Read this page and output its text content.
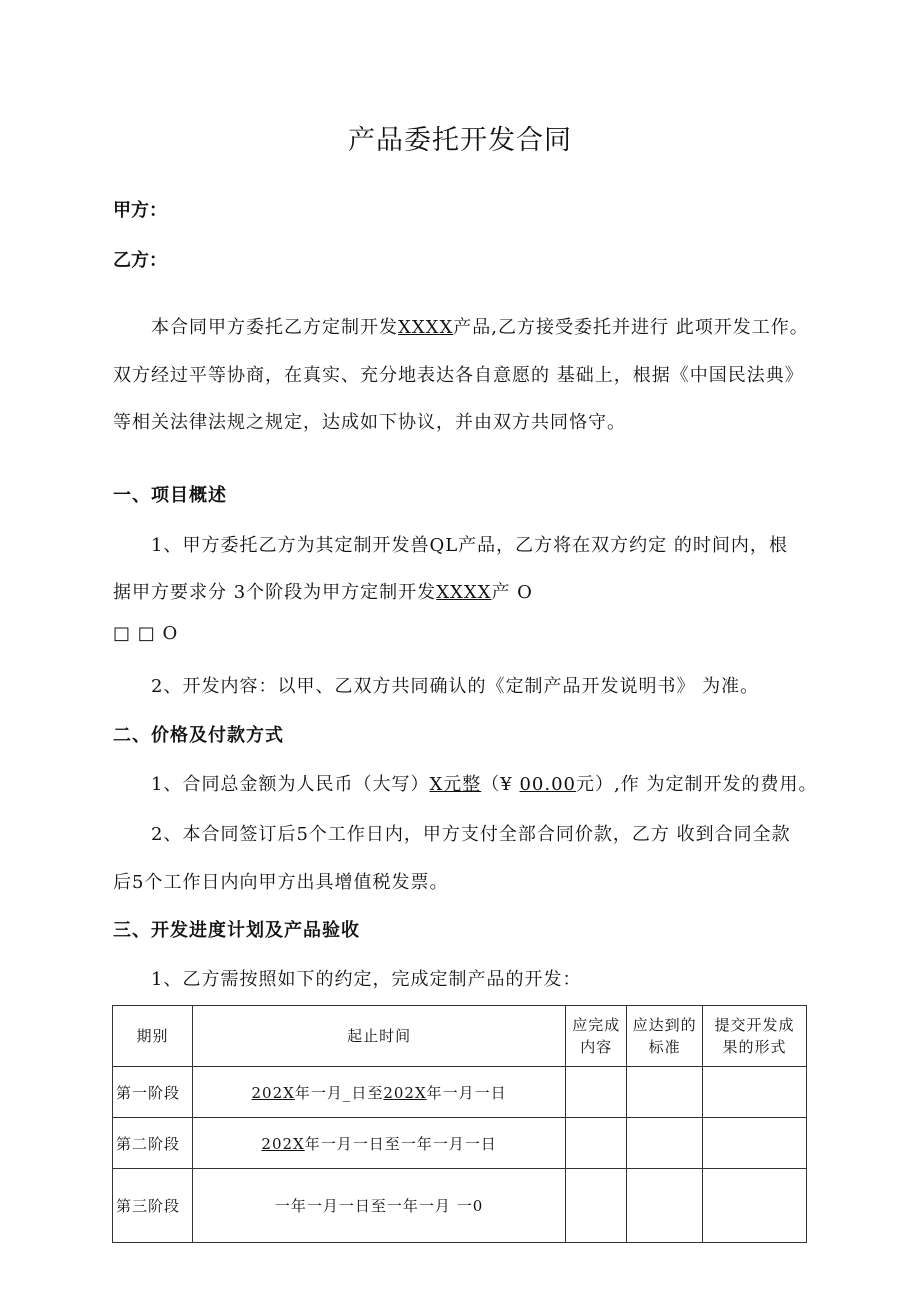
产品委托开发合同

甲方：

乙方：

本合同甲方委托乙方定制开发XXXX产品,乙方接受委托并进行 此项开发工作。

双方经过平等协商，在真实、充分地表达各自意愿的 基础上，根据《中国民法典》

等相关法律法规之规定，达成如下协议，并由双方共同恪守。

一、项目概述

1、甲方委托乙方为其定制开发兽QL产品，乙方将在双方约定 的时间内，根

据甲方要求分 3个阶段为甲方定制开发XXXX产 O

□ □ O

2、开发内容：以甲、乙双方共同确认的《定制产品开发说明书》 为准。

二、价格及付款方式

1、合同总金额为人民币（大写）X元整（¥ 00.00元）,作 为定制开发的费用。

2、本合同签订后5个工作日内，甲方支付全部合同价款，乙方 收到合同全款

后5个工作日内向甲方出具增值税发票。

三、开发进度计划及产品验收

1、乙方需按照如下的约定，完成定制产品的开发：

期别	起止时间	应完成内容	应达到的标准	提交开发成果的形式
第一阶段	202X年一月_日至202X年一月一日			
第二阶段	202X年一月一日至一年一月一日			
第三阶段	一年一月一日至一年一月 一0			
